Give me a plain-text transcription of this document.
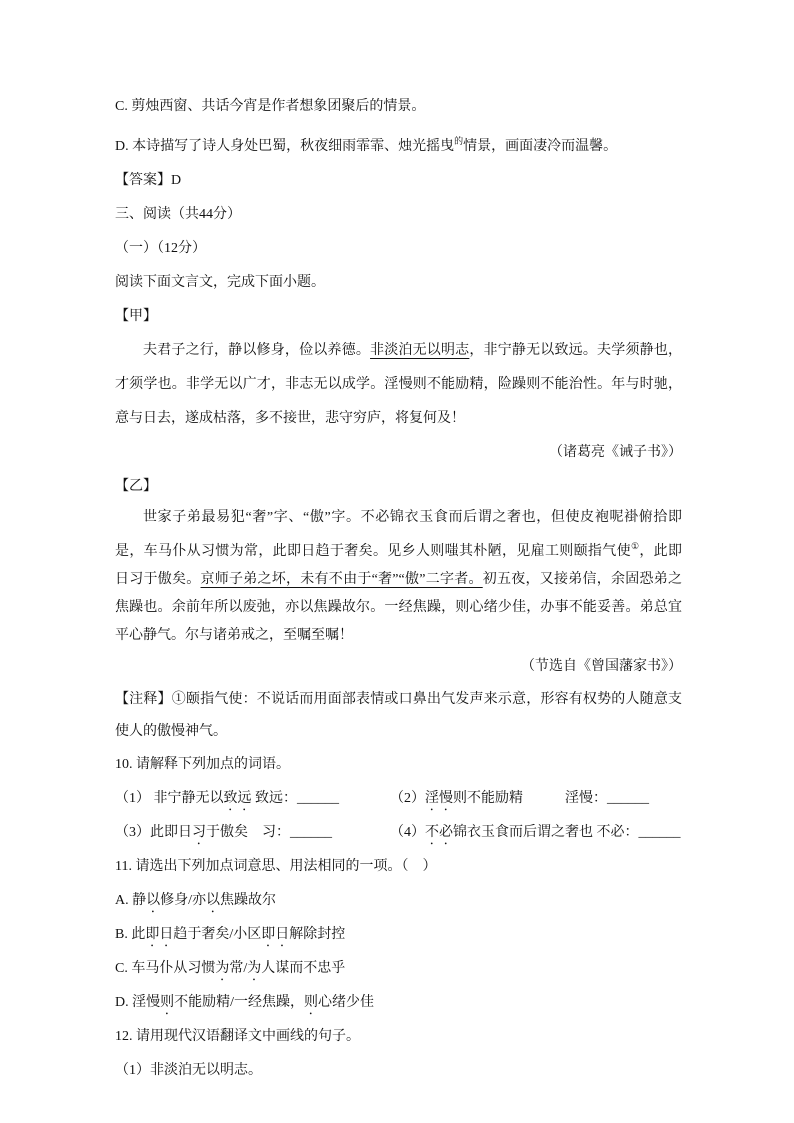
C. 剪烛西窗、共话今宵是作者想象团聚后的情景。

D. 本诗描写了诗人身处巴蜀，秋夜细雨霏霏、烛光摇曳$^的$情景，画面凄冷而温馨。

【答案】D

三、阅读（共44分）

（一）（12分）

阅读下面文言文，完成下面小题。

【甲】

夫君子之行，静以修身，俭以养德。非淡泊无以明志，非宁静无以致远。夫学须静也，才须学也。非学无以广才，非志无以成学。淫慢则不能励精，险躁则不能治性。年与时驰，意与日去，遂成枯落，多不接世，悲守穷庐，将复何及！

（诸葛亮《诫子书》）

【乙】

世家子弟最易犯“奢”字、“傲”字。不必锦衣玉食而后谓之奢也，但使皮袍呢褂俯拾即是，车马仆从习惯为常，此即日趋于奢矣。见乡人则嗤其朴陋，见雇工则颐指气使①，此即日习于傲矣。京师子弟之坏，未有不由于“奢”“傲”二字者。初五夜，又接弟信，余固恐弟之焦躁也。余前年所以废弛，亦以焦躁故尔。一经焦躁，则心绪少佳，办事不能妥善。弟总宜平心静气。尔与诸弟戒之，至嘱至嘱！

（节选自《曾国藩家书》）

【注释】①颐指气使：不说话而用面部表情或口鼻出气发声来示意，形容有权势的人随意支使人的傲慢神气。

10. 请解释下列加点的词语。

（1） 非宁静无以致远 致远：______	（2）淫慢则不能励精	淫慢：______
（3）此即日习于傲矣　习：______	（4）不必锦衣玉食而后谓之奢也 不必：______

11. 请选出下列加点词意思、用法相同的一项。（　）

A. 静以修身/亦以焦躁故尔

B. 此即日趋于奢矣/小区即日解除封控

C. 车马仆从习惯为常/为人谋而不忠乎

D. 淫慢则不能励精/一经焦躁，则心绪少佳

12. 请用现代汉语翻译文中画线的句子。

（1）非淡泊无以明志。
